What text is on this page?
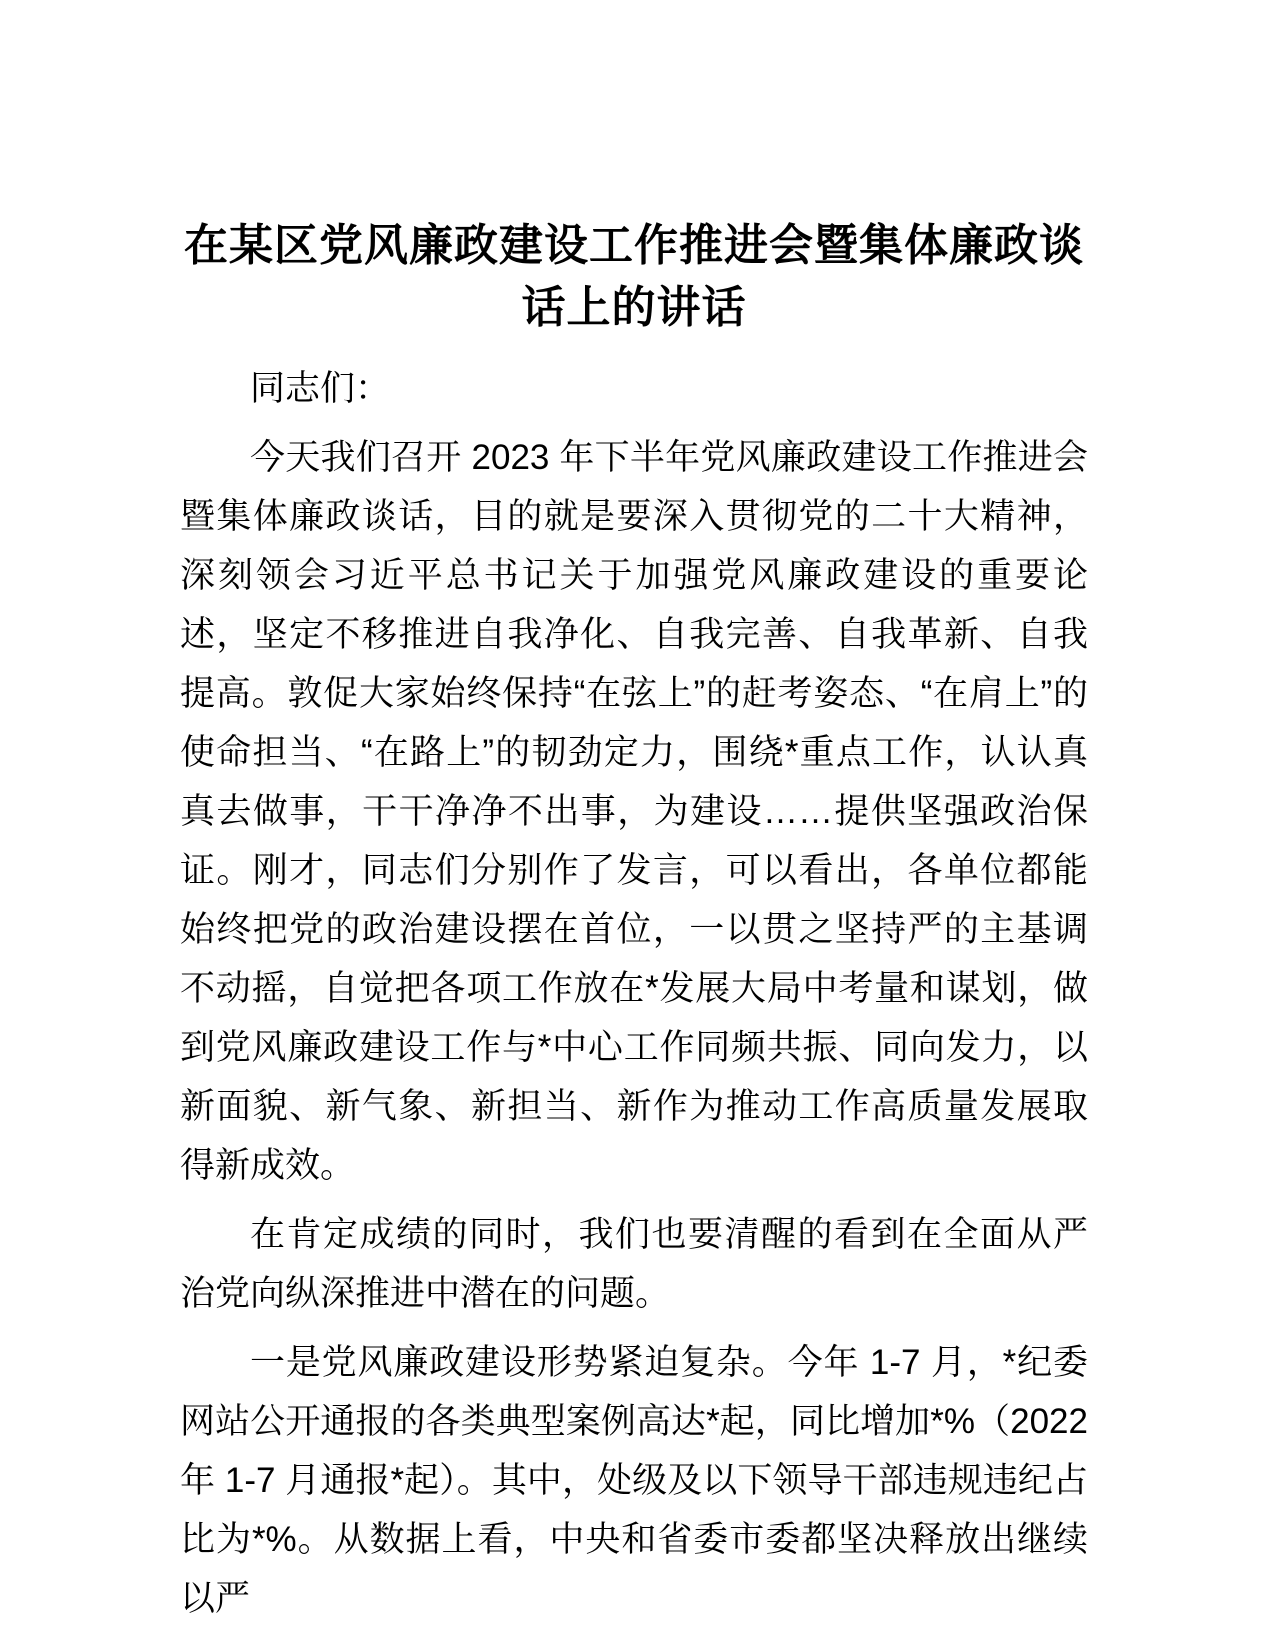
在某区党风廉政建设工作推进会暨集体廉政谈话上的讲话

同志们：

今天我们召开 2023 年下半年党风廉政建设工作推进会暨集体廉政谈话，目的就是要深入贯彻党的二十大精神，深刻领会习近平总书记关于加强党风廉政建设的重要论述，坚定不移推进自我净化、自我完善、自我革新、自我提高。敦促大家始终保持“在弦上”的赶考姿态、“在肩上”的使命担当、“在路上”的韧劲定力，围绕*重点工作，认认真真去做事，干干净净不出事，为建设……提供坚强政治保证。刚才，同志们分别作了发言，可以看出，各单位都能始终把党的政治建设摆在首位，一以贯之坚持严的主基调不动摇，自觉把各项工作放在*发展大局中考量和谋划，做到党风廉政建设工作与*中心工作同频共振、同向发力，以新面貌、新气象、新担当、新作为推动工作高质量发展取得新成效。

在肯定成绩的同时，我们也要清醒的看到在全面从严治党向纵深推进中潜在的问题。

一是党风廉政建设形势紧迫复杂。今年 1-7 月，*纪委网站公开通报的各类典型案例高达*起，同比增加*%（2022 年 1-7 月通报*起）。其中，处级及以下领导干部违规违纪占比为*%。从数据上看，中央和省委市委都坚决释放出继续以严
